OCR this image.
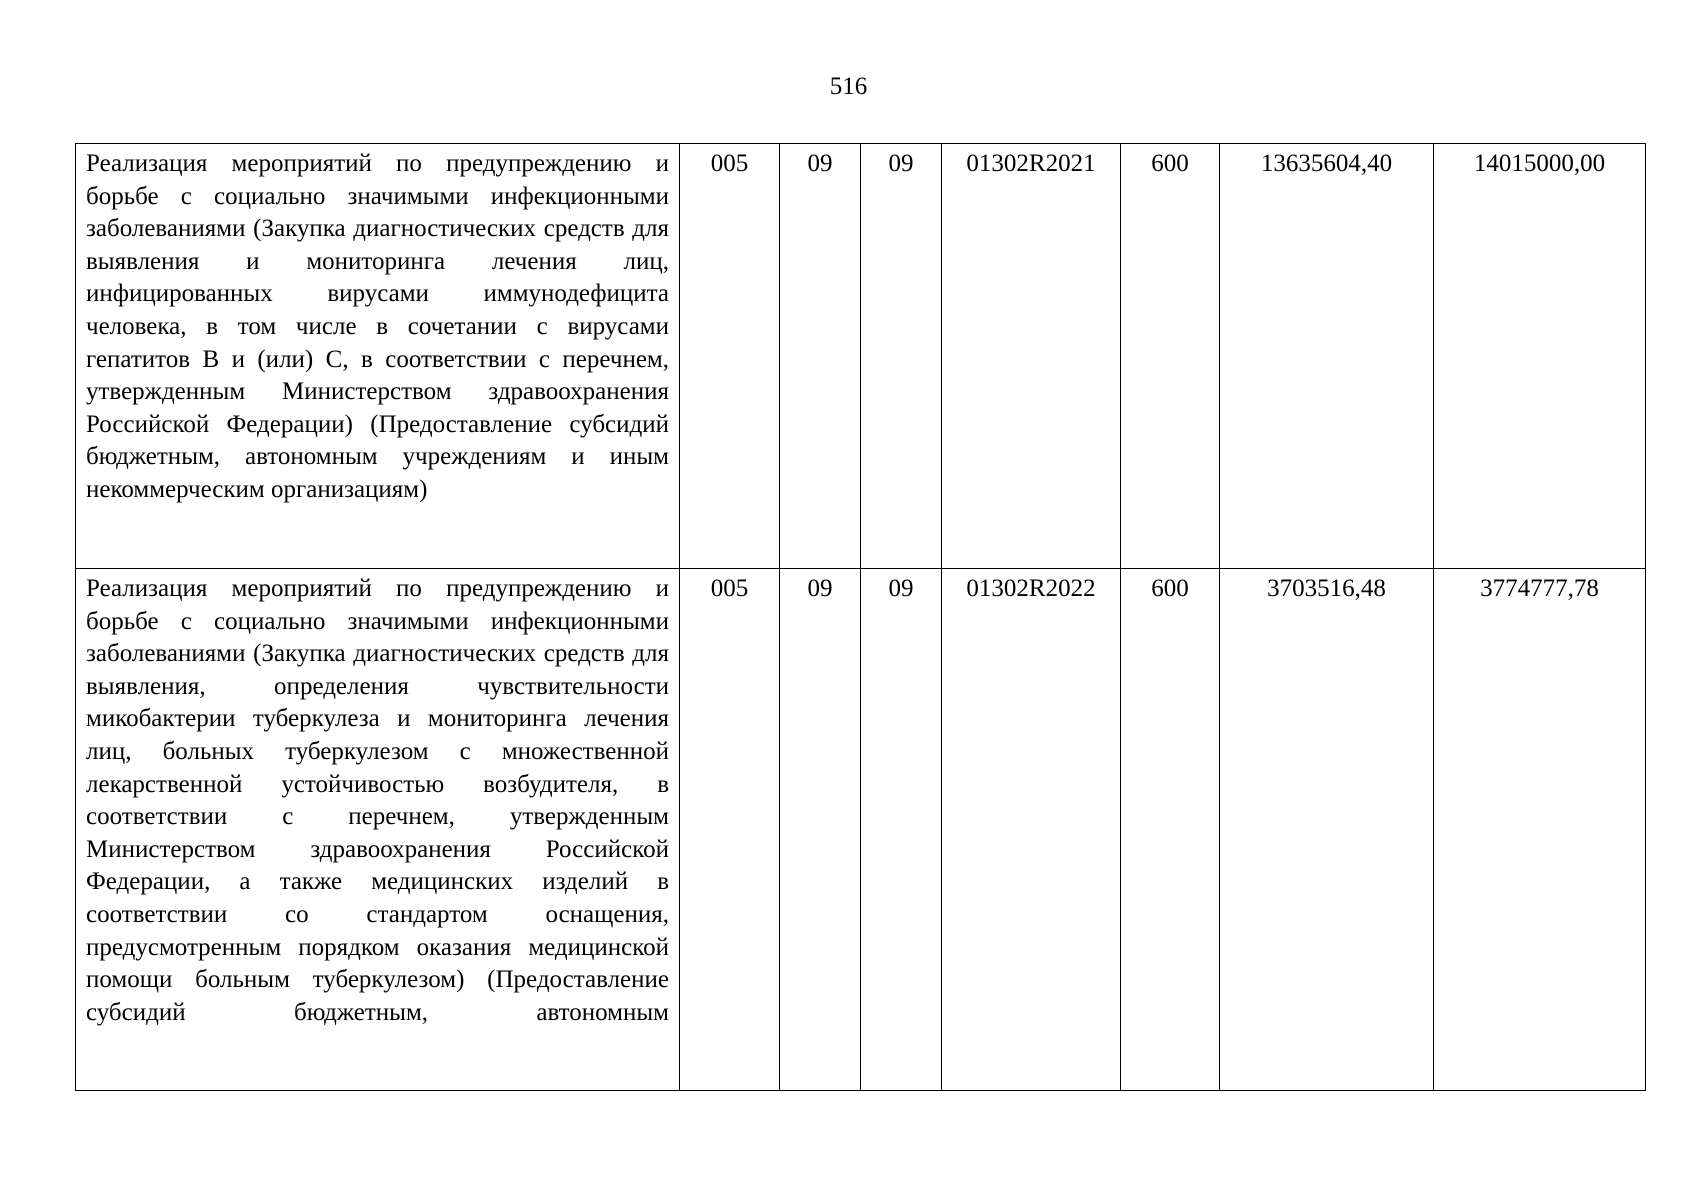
516
Реализация мероприятий по предупреждению и борьбе с социально значимыми инфекционными заболеваниями (Закупка диагностических средств для выявления и мониторинга лечения лиц, инфицированных вирусами иммунодефицита человека, в том числе в сочетании с вирусами гепатитов B и (или) C, в соответствии с перечнем, утвержденным Министерством здравоохранения Российской Федерации) (Предоставление субсидий бюджетным, автономным учреждениям и иным
некоммерческим организациям)	005	09	09	01302R2021	600	13635604,40	14015000,00

Реализация мероприятий по предупреждению и борьбе с социально значимыми инфекционными заболеваниями (Закупка диагностических средств для выявления, определения чувствительности микобактерии туберкулеза и мониторинга лечения лиц, больных туберкулезом с множественной лекарственной устойчивостью возбудителя, в соответствии с перечнем, утвержденным Министерством здравоохранения Российской Федерации, а также медицинских изделий в соответствии со стандартом оснащения, предусмотренным порядком оказания медицинской помощи больным туберкулезом) (Предоставление субсидий бюджетным, автономным	005	09	09	01302R2022	600	3703516,48	3774777,78
